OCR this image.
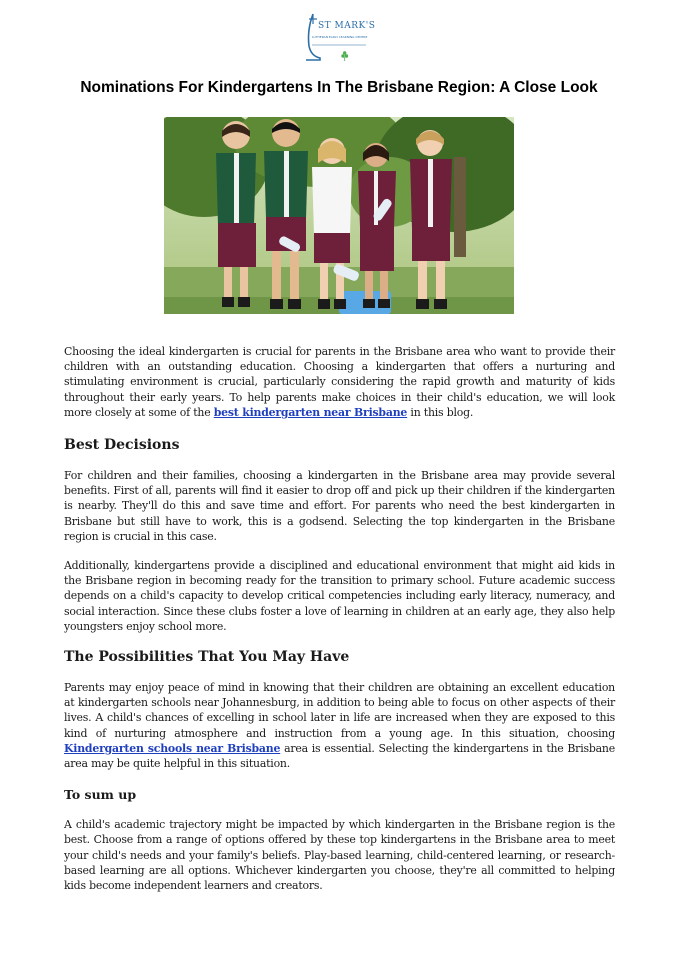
ST MARK'S
LUTHERAN EARLY LEARNING CENTRE
Nominations For Kindergartens In The Brisbane Region: A Close Look

Choosing the ideal kindergarten is crucial for parents in the Brisbane area who want to provide their children with an outstanding education. Choosing a kindergarten that offers a nurturing and stimulating environment is crucial, particularly considering the rapid growth and maturity of kids throughout their early years. To help parents make choices in their child's education, we will look more closely at some of the best kindergarten near Brisbane in this blog.

Best Decisions

For children and their families, choosing a kindergarten in the Brisbane area may provide several benefits. First of all, parents will find it easier to drop off and pick up their children if the kindergarten is nearby. They'll do this and save time and effort. For parents who need the best kindergarten in Brisbane but still have to work, this is a godsend. Selecting the top kindergarten in the Brisbane region is crucial in this case.

Additionally, kindergartens provide a disciplined and educational environment that might aid kids in the Brisbane region in becoming ready for the transition to primary school. Future academic success depends on a child's capacity to develop critical competencies including early literacy, numeracy, and social interaction. Since these clubs foster a love of learning in children at an early age, they also help youngsters enjoy school more.

The Possibilities That You May Have

Parents may enjoy peace of mind in knowing that their children are obtaining an excellent education at kindergarten schools near Johannesburg, in addition to being able to focus on other aspects of their lives. A child's chances of excelling in school later in life are increased when they are exposed to this kind of nurturing atmosphere and instruction from a young age. In this situation, choosing Kindergarten schools near Brisbane area is essential. Selecting the kindergartens in the Brisbane area may be quite helpful in this situation.

To sum up

A child's academic trajectory might be impacted by which kindergarten in the Brisbane region is the best. Choose from a range of options offered by these top kindergartens in the Brisbane area to meet your child's needs and your family's beliefs. Play-based learning, child-centered learning, or research-based learning are all options. Whichever kindergarten you choose, they're all committed to helping kids become independent learners and creators.
